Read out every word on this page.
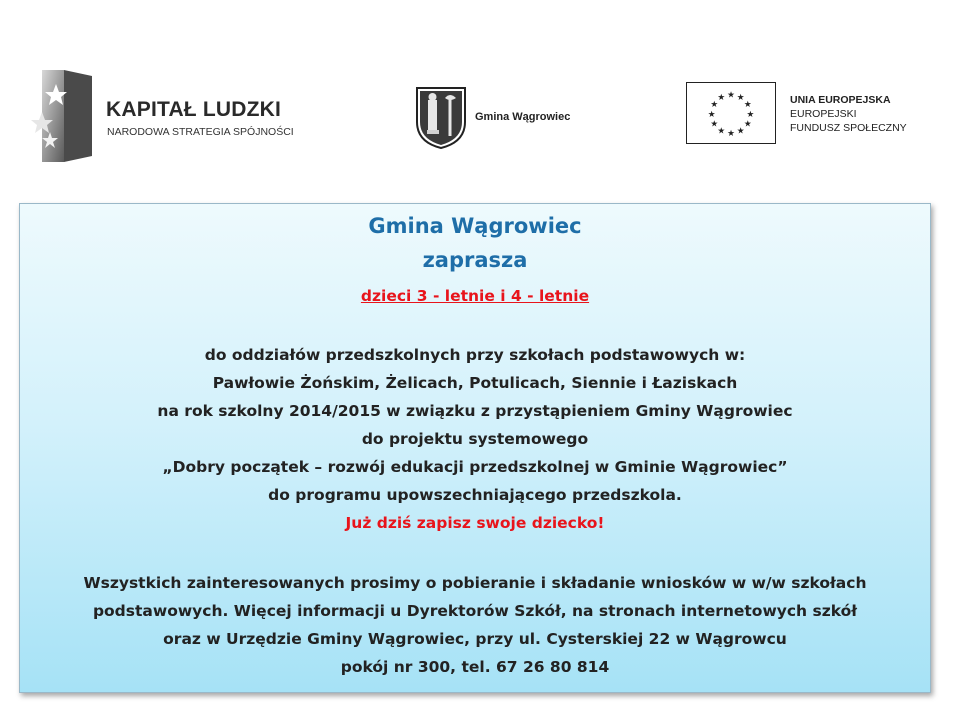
KAPITAŁ LUDZKI
NARODOWA STRATEGIA SPÓJNOŚCI
Gmina Wągrowiec
★ ★
★
★
★
★
★
★
★
★
★
★	UNIA EUROPEJSKA
EUROPEJSKI
FUNDUSZ SPOŁECZNY
Gmina Wągrowiec
zaprasza
dzieci 3 - letnie i 4 - letnie
do oddziałów przedszkolnych przy szkołach podstawowych w:
Pawłowie Żońskim, Żelicach, Potulicach, Siennie i Łaziskach
na rok szkolny 2014/2015 w związku z przystąpieniem Gminy Wągrowiec
do projektu systemowego
„Dobry początek – rozwój edukacji przedszkolnej w Gminie Wągrowiec”
do programu upowszechniającego przedszkola.
Już dziś zapisz swoje dziecko!
Wszystkich zainteresowanych prosimy o pobieranie i składanie wniosków w w/w szkołach
podstawowych. Więcej informacji u Dyrektorów Szkół, na stronach internetowych szkół
oraz w Urzędzie Gminy Wągrowiec, przy ul. Cysterskiej 22 w Wągrowcu
pokój nr 300, tel. 67 26 80 814
